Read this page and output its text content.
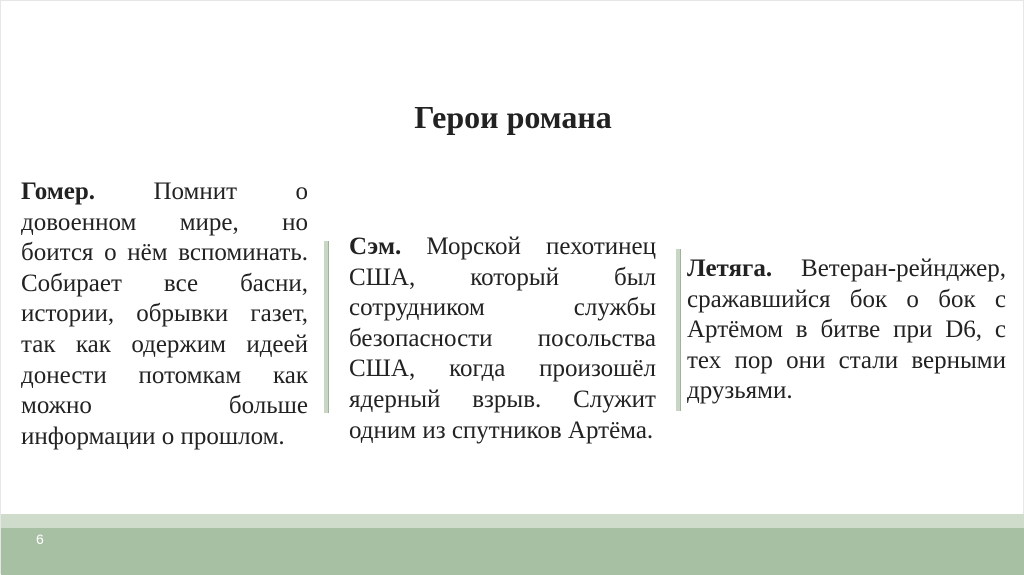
Герои романа
Гомер. Помнит о довоенном мире, но боится о нём вспоминать. Собирает все басни, истории, обрывки газет, так как одержим идеей донести потомкам как можно больше информации о прошлом.
Сэм. Морской пехотинец США, который был сотрудником службы безопасности посольства США, когда произошёл ядерный взрыв. Служит одним из спутников Артёма.
Летяга. Ветеран-рейнджер, сражавшийся бок о бок с Артёмом в битве при D6, с тех пор они стали верными друзьями.
6
